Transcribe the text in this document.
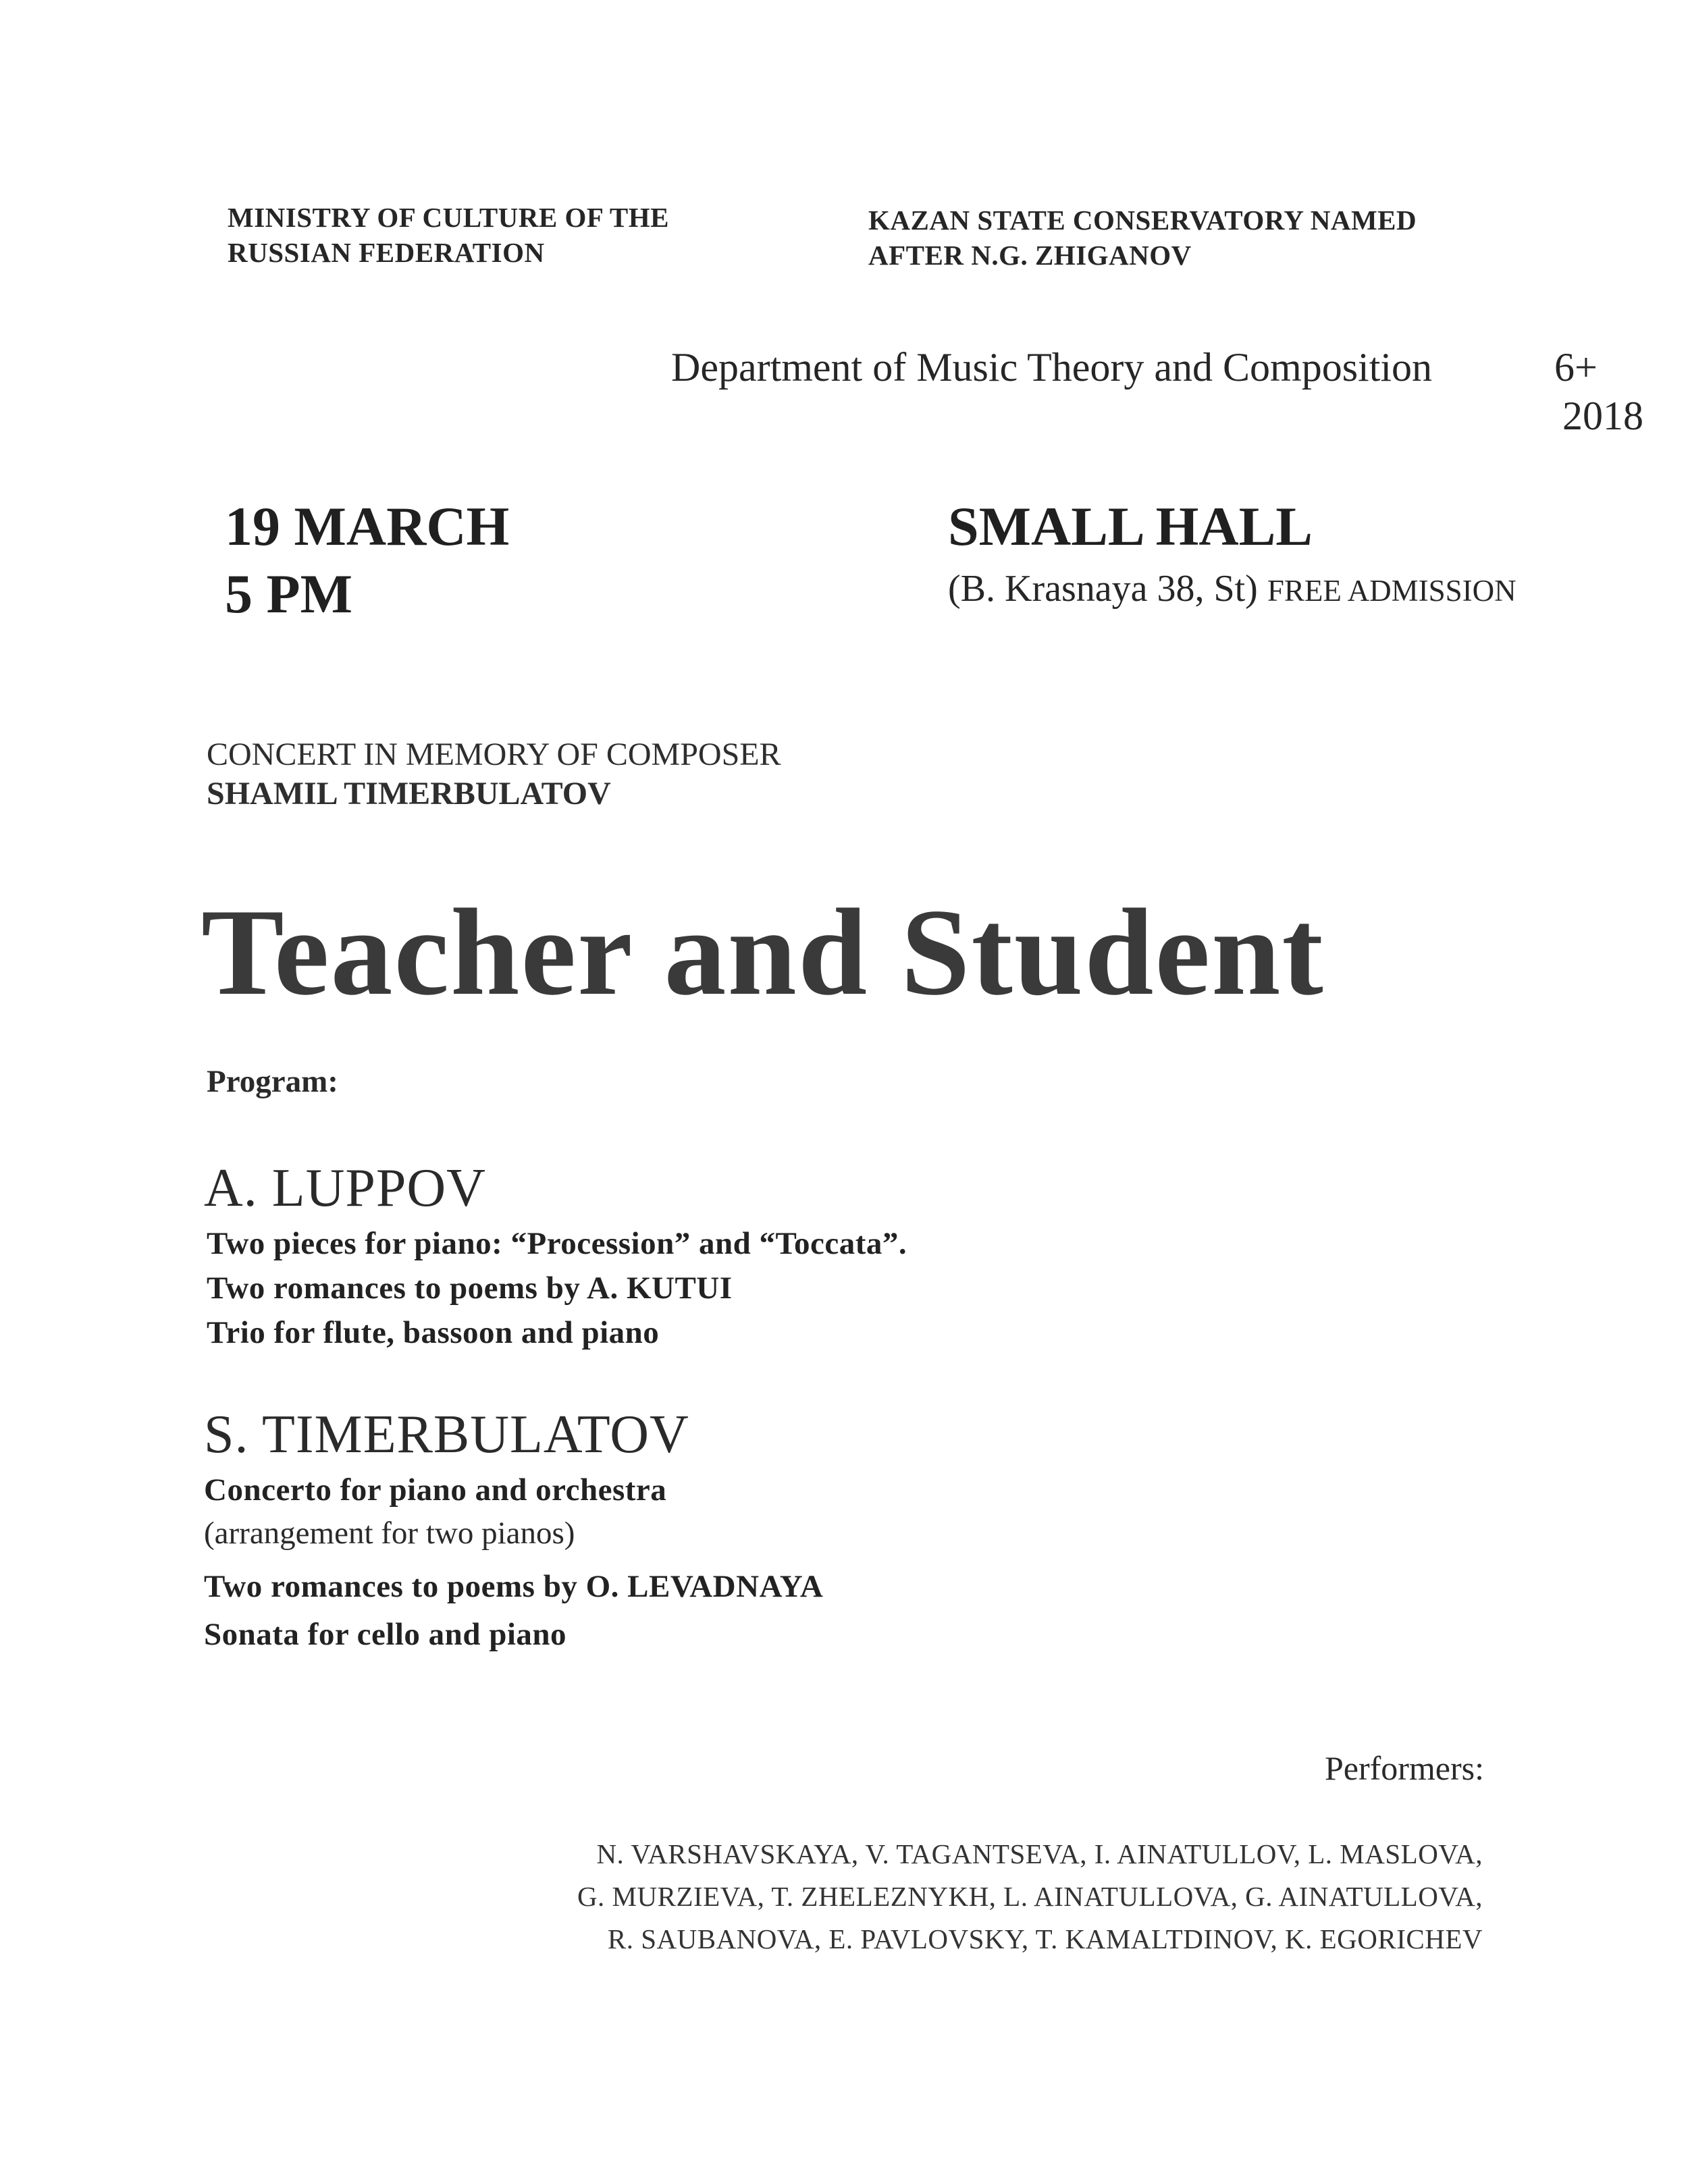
MINISTRY OF CULTURE OF THE
RUSSIAN FEDERATION
KAZAN STATE CONSERVATORY NAMED
AFTER N.G. ZHIGANOV
Department of Music Theory and Composition	6+
2018
19 MARCH
5 PM
SMALL HALL
(B. Krasnaya 38, St) FREE ADMISSION
CONCERT IN MEMORY OF COMPOSER
SHAMIL TIMERBULATOV
Teacher and Student
Program:
A. LUPPOV
Two pieces for piano: “Procession” and “Toccata”.
Two romances to poems by A. KUTUI
Trio for flute, bassoon and piano
S. TIMERBULATOV
Concerto for piano and orchestra
(arrangement for two pianos)
Two romances to poems by O. LEVADNAYA
Sonata for cello and piano
Performers:
N. VARSHAVSKAYA, V. TAGANTSEVA, I. AINATULLOV, L. MASLOVA,
G. MURZIEVA, T. ZHELEZNYKH, L. AINATULLOVA, G. AINATULLOVA,
R. SAUBANOVA, E. PAVLOVSKY, T. KAMALTDINOV, K. EGORICHEV
